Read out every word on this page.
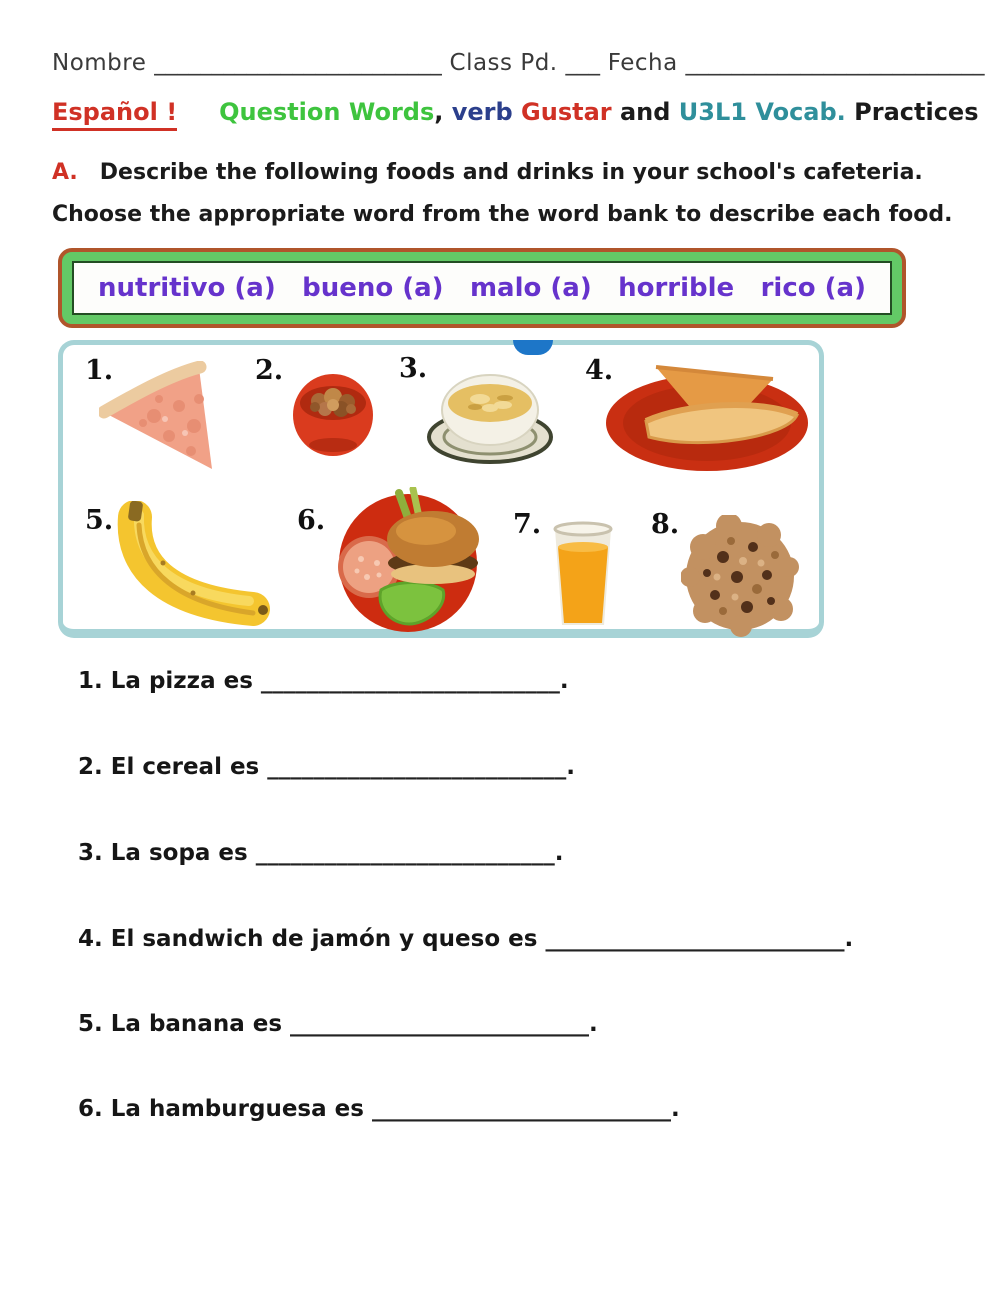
Nombre _________________________ Class Pd. ___ Fecha __________________________
Español ! Question Words, verb Gustar and U3L1 Vocab. Practices
A. Describe the following foods and drinks in your school's cafeteria.
Choose the appropriate word from the word bank to describe each food.
nutritivo (a) bueno (a) malo (a) horrible rico (a)
1.	2.	3.	4.
5.	6.	7.	8.
1. La pizza es __________________________.
2. El cereal es __________________________.
3. La sopa es __________________________.
4. El sandwich de jamón y queso es __________________________.
5. La banana es __________________________.
6. La hamburguesa es __________________________.
